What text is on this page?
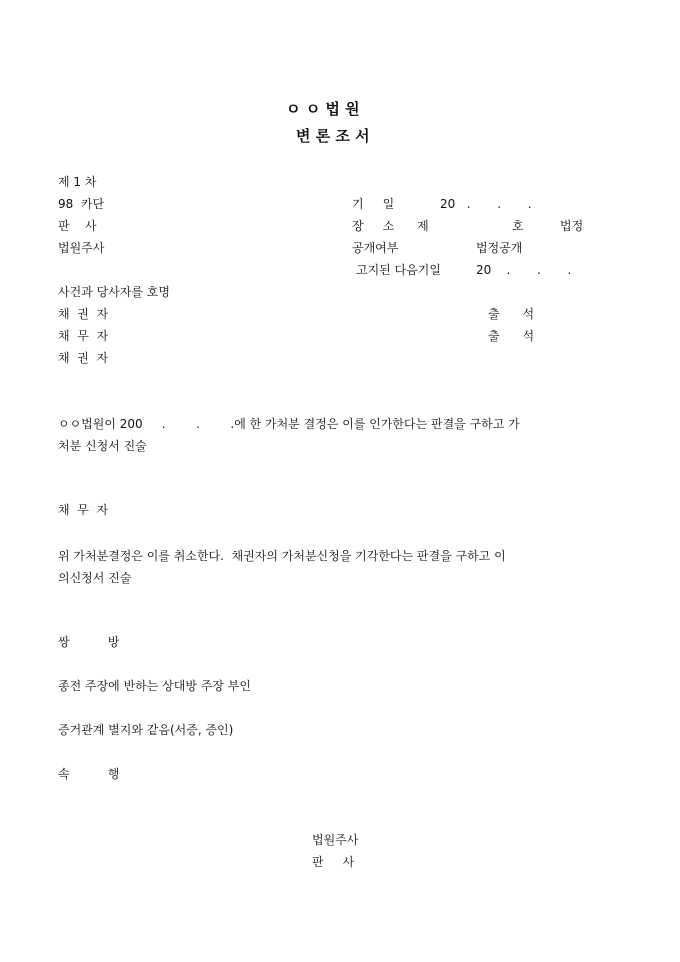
ㅇ ㅇ 법 원
변 론 조 서
제 1 차
98  카단	기     일	20   .       .       .
판    사	장     소      제	호	법정
법원주사	공개여부	법정공개
고지된 다음기일	20    .       .       .
사건과 당사자를 호명
채  권  자	출      석
채  무  자	출      석
채  권  자
ㅇㅇ법원이 200     .        .        .에 한 가처분 결정은 이를 인가한다는 판결을 구하고 가
처분 신청서 진술
채  무  자
위 가처분결정은 이를 취소한다.  채권자의 가처분신청을 기각한다는 판결을 구하고 이
의신청서 진술
쌍          방
종전 주장에 반하는 상대방 주장 부인
증거관계 별지와 같음(서증, 증인)
속          행
법원주사
판     사
